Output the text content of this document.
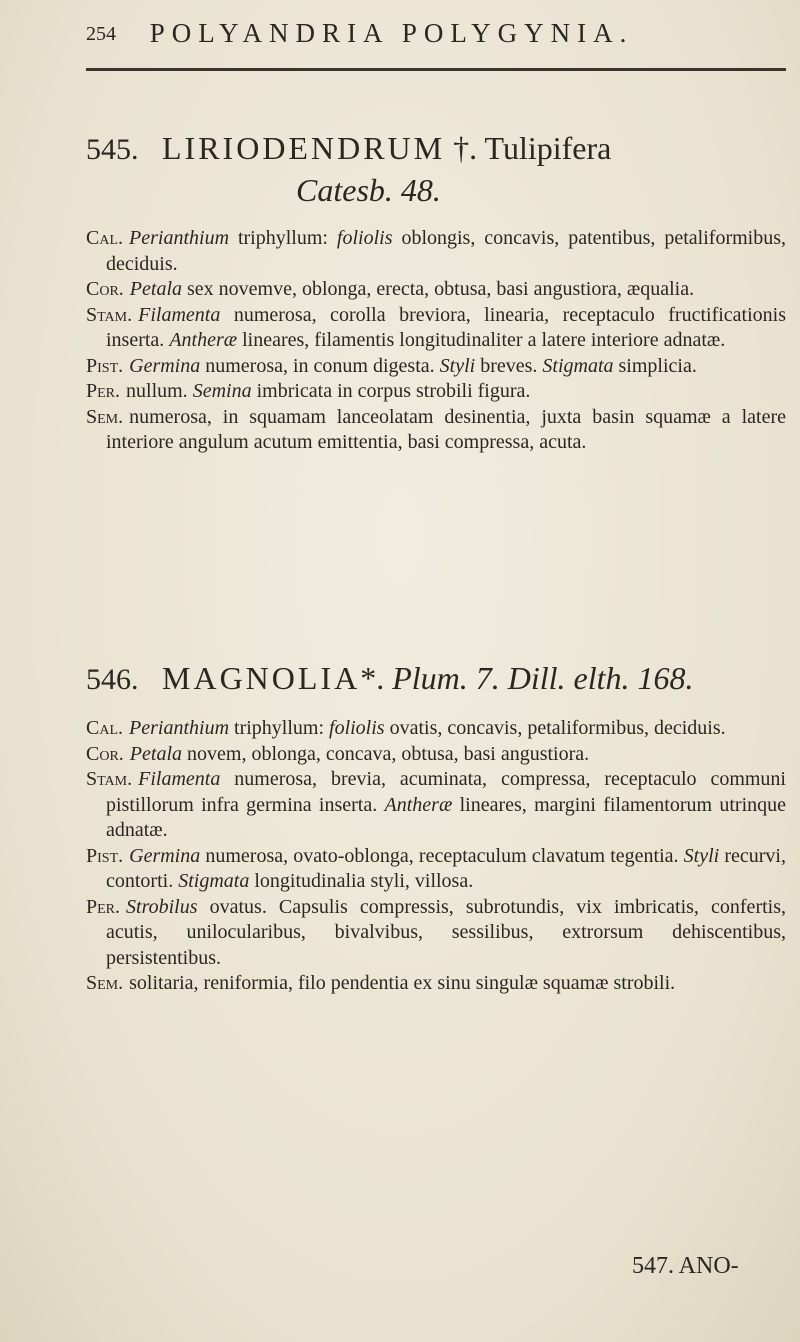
254 POLYANDRIA POLYGYNIA.
545. LIRIODENDRUM †. Tulipifera
Catesb. 48.

Cal. Perianthium triphyllum: foliolis oblongis, concavis, patentibus, petaliformibus, deciduis.

Cor. Petala sex novemve, oblonga, erecta, obtusa, basi angustiora, æqualia.

Stam. Filamenta numerosa, corolla breviora, linearia, receptaculo fructificationis inserta. Antheræ lineares, filamentis longitudinaliter a latere interiore adnatæ.

Pist. Germina numerosa, in conum digesta. Styli breves. Stigmata simplicia.

Per. nullum. Semina imbricata in corpus strobili figura.

Sem. numerosa, in squamam lanceolatam desinentia, juxta basin squamæ a latere interiore angulum acutum emittentia, basi compressa, acuta.

546. MAGNOLIA*. Plum. 7. Dill. elth. 168.

Cal. Perianthium triphyllum: foliolis ovatis, concavis, petaliformibus, deciduis.

Cor. Petala novem, oblonga, concava, obtusa, basi angustiora.

Stam. Filamenta numerosa, brevia, acuminata, compressa, receptaculo communi pistillorum infra germina inserta. Antheræ lineares, margini filamentorum utrinque adnatæ.

Pist. Germina numerosa, ovato-oblonga, receptaculum clavatum tegentia. Styli recurvi, contorti. Stigmata longitudinalia styli, villosa.

Per. Strobilus ovatus. Capsulis compressis, subrotundis, vix imbricatis, confertis, acutis, unilocularibus, bivalvibus, sessilibus, extrorsum dehiscentibus, persistentibus.

Sem. solitaria, reniformia, filo pendentia ex sinu singulæ squamæ strobili.

547. ANO-
